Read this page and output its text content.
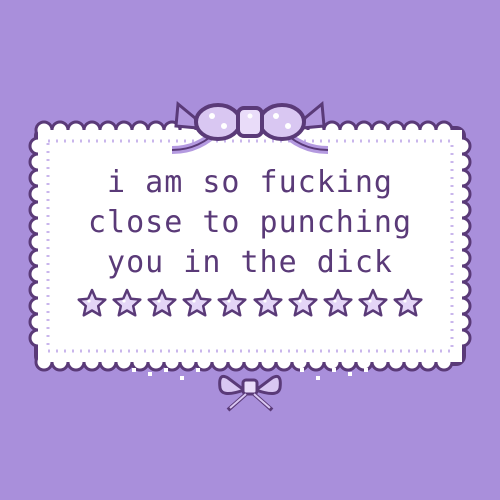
i am so fucking
close to punching
you in the dick
